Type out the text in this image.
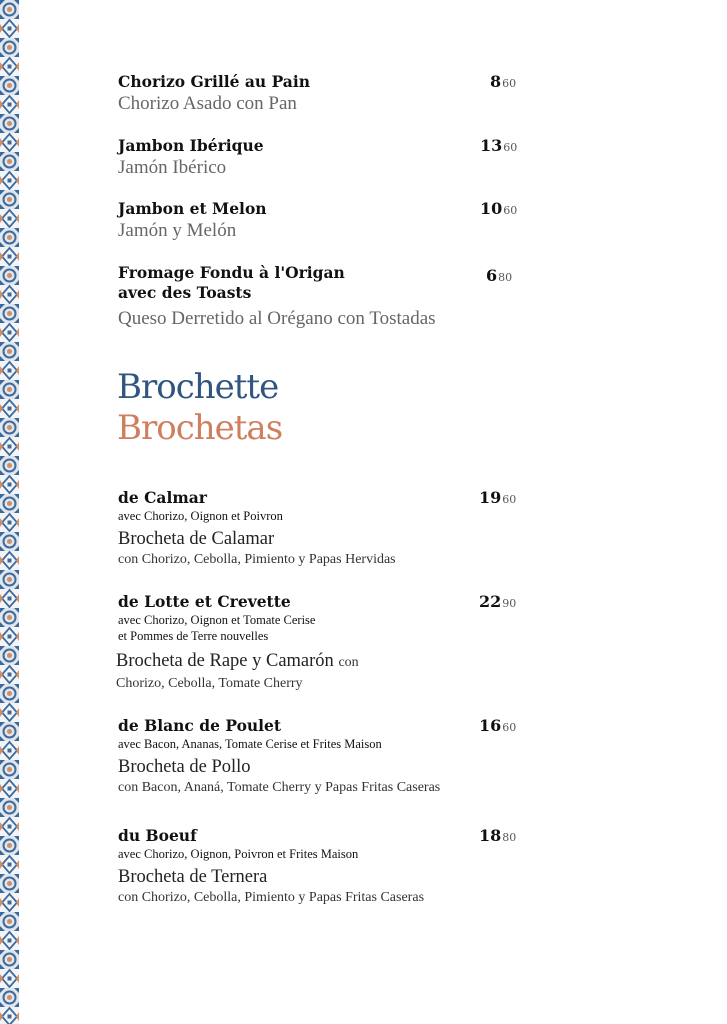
Chorizo Grillé au Pain
Chorizo Asado con Pan
860
Jambon Ibérique
Jamón Ibérico
1360
Jambon et Melon
Jamón y Melón
1060
Fromage Fondu à l'Origan
avec des Toasts
Queso Derretido al Orégano con Tostadas
680
Brochette
Brochetas
de Calmar
avec Chorizo, Oignon et Poivron
Brocheta de Calamar
con Chorizo, Cebolla, Pimiento y Papas Hervidas
1960
de Lotte et Crevette
avec Chorizo, Oignon et Tomate Cerise
et Pommes de Terre nouvelles
Brocheta de Rape y Camarón con
Chorizo, Cebolla, Tomate Cherry
2290
de Blanc de Poulet
avec Bacon, Ananas, Tomate Cerise et Frites Maison
Brocheta de Pollo
con Bacon, Ananá, Tomate Cherry y Papas Fritas Caseras
1660
du Boeuf
avec Chorizo, Oignon, Poivron et Frites Maison
Brocheta de Ternera
con Chorizo, Cebolla, Pimiento y Papas Fritas Caseras
1880
